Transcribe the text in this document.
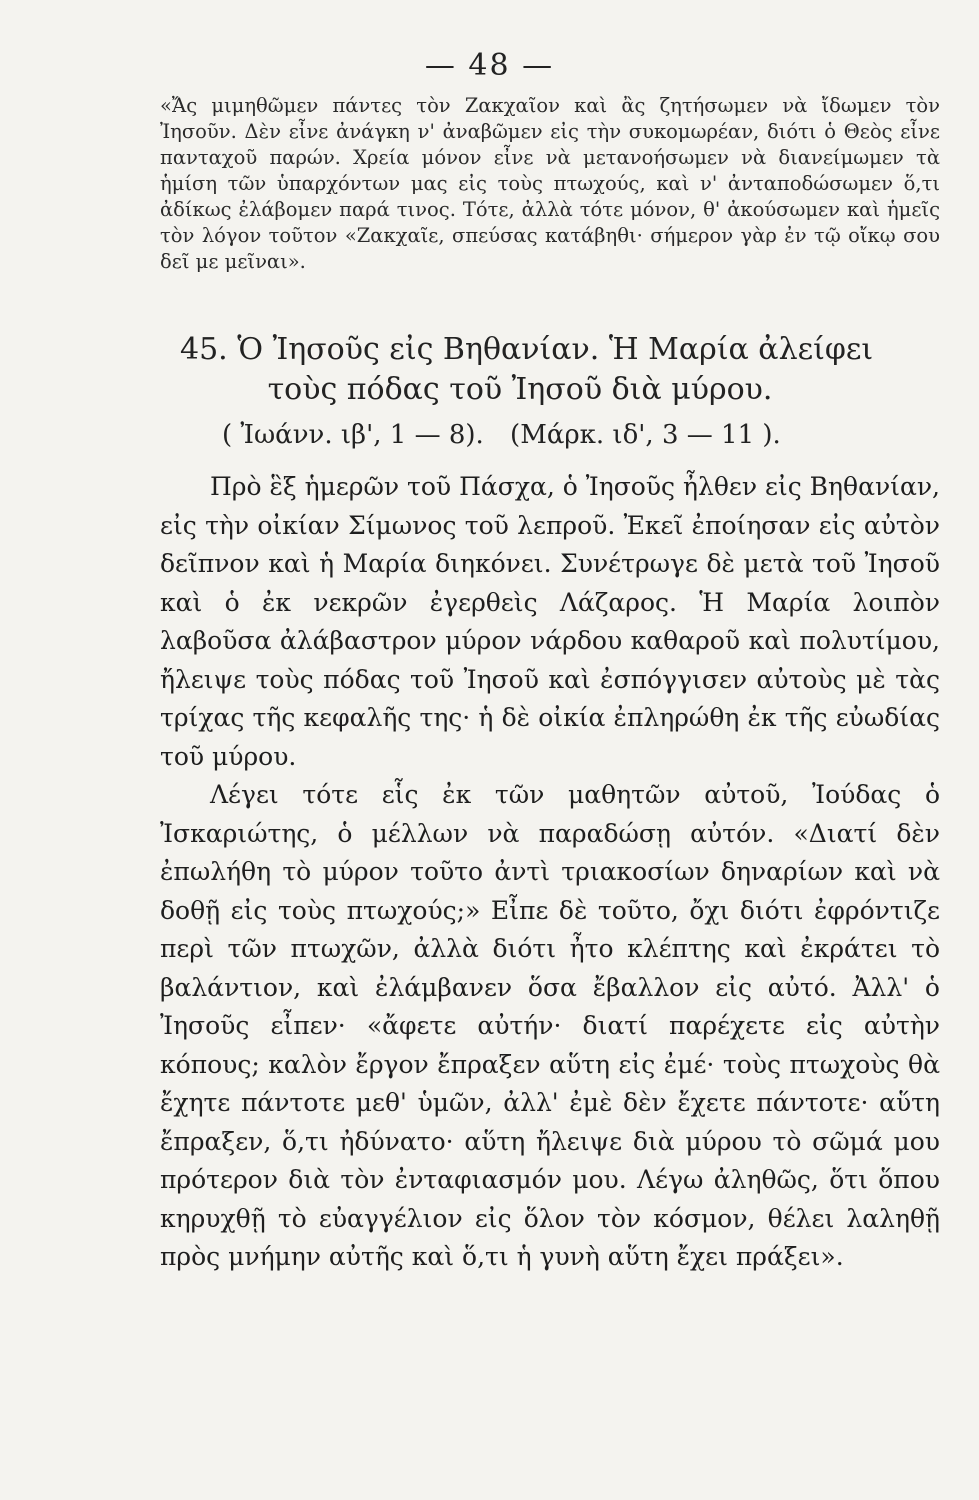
— 48 —

«Ἄς μιμηθῶμεν πάντες τὸν Ζακχαῖον καὶ ἂς ζητήσωμεν νὰ ἴδωμεν τὸν Ἰησοῦν. Δὲν εἶνε ἀνάγκη ν' ἀναβῶμεν εἰς τὴν συκομωρέαν, διότι ὁ Θεὸς εἶνε πανταχοῦ παρών. Χρεία μόνον εἶνε νὰ μετανοήσωμεν νὰ διανείμωμεν τὰ ἡμίση τῶν ὑπαρχόντων μας εἰς τοὺς πτωχούς, καὶ ν' ἀνταποδώσωμεν ὅ,τι ἀδίκως ἐλάβομεν παρά τινος. Τότε, ἀλλὰ τότε μόνον, θ' ἀκούσωμεν καὶ ἡμεῖς τὸν λόγον τοῦτον «Ζακχαῖε, σπεύσας κατάβηθι· σήμερον γὰρ ἐν τῷ οἴκῳ σου δεῖ με μεῖναι».

45. Ὁ Ἰησοῦς εἰς Βηθανίαν. Ἡ Μαρία ἀλείφει
τοὺς πόδας τοῦ Ἰησοῦ διὰ μύρου.
( Ἰωάνν. ιβ', 1 — 8). (Μάρκ. ιδ', 3 — 11 ).

Πρὸ ἓξ ἡμερῶν τοῦ Πάσχα, ὁ Ἰησοῦς ἦλθεν εἰς Βηθανίαν, εἰς τὴν οἰκίαν Σίμωνος τοῦ λεπροῦ. Ἐκεῖ ἐποίησαν εἰς αὐτὸν δεῖπνον καὶ ἡ Μαρία διηκόνει. Συνέτρωγε δὲ μετὰ τοῦ Ἰησοῦ καὶ ὁ ἐκ νεκρῶν ἐγερθεὶς Λάζαρος. Ἡ Μαρία λοιπὸν λαβοῦσα ἀλάβαστρον μύρον νάρδου καθαροῦ καὶ πολυτίμου, ἤλειψε τοὺς πόδας τοῦ Ἰησοῦ καὶ ἐσπόγγισεν αὐτοὺς μὲ τὰς τρίχας τῆς κεφαλῆς της· ἡ δὲ οἰκία ἐπληρώθη ἐκ τῆς εὐωδίας τοῦ μύρου.

Λέγει τότε εἷς ἐκ τῶν μαθητῶν αὐτοῦ, Ἰούδας ὁ Ἰσκαριώτης, ὁ μέλλων νὰ παραδώσῃ αὐτόν. «Διατί δὲν ἐπωλήθη τὸ μύρον τοῦτο ἀντὶ τριακοσίων δηναρίων καὶ νὰ δοθῇ εἰς τοὺς πτωχούς;» Εἶπε δὲ τοῦτο, ὄχι διότι ἐφρόντιζε περὶ τῶν πτωχῶν, ἀλλὰ διότι ἦτο κλέπτης καὶ ἐκράτει τὸ βαλάντιον, καὶ ἐλάμβανεν ὅσα ἔβαλλον εἰς αὐτό. Ἀλλ' ὁ Ἰησοῦς εἶπεν· «ἄφετε αὐτήν· διατί παρέχετε εἰς αὐτὴν κόπους; καλὸν ἔργον ἔπραξεν αὕτη εἰς ἐμέ· τοὺς πτωχοὺς θὰ ἔχητε πάντοτε μεθ' ὑμῶν, ἀλλ' ἐμὲ δὲν ἔχετε πάντοτε· αὕτη ἔπραξεν, ὅ,τι ἠδύνατο· αὕτη ἤλειψε διὰ μύρου τὸ σῶμά μου πρότερον διὰ τὸν ἐνταφιασμόν μου. Λέγω ἀληθῶς, ὅτι ὅπου κηρυχθῇ τὸ εὐαγγέλιον εἰς ὅλον τὸν κόσμον, θέλει λαληθῇ πρὸς μνήμην αὐτῆς καὶ ὅ,τι ἡ γυνὴ αὕτη ἔχει πράξει».
